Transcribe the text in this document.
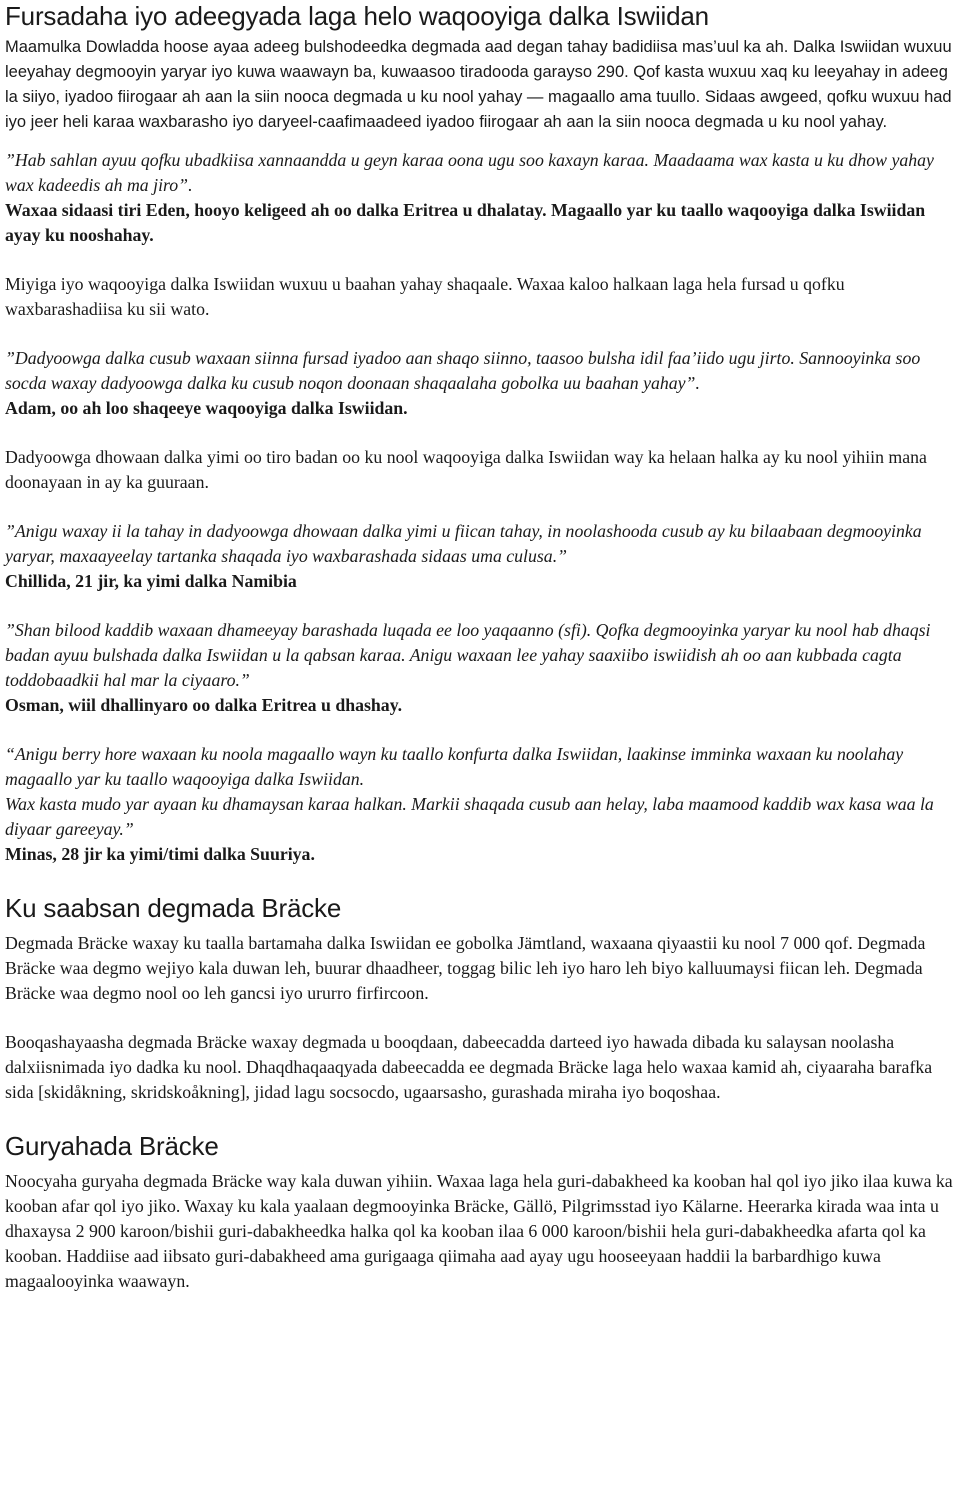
Fursadaha iyo adeegyada laga helo waqooyiga dalka Iswiidan

Maamulka Dowladda hoose ayaa adeeg bulshodeedka degmada aad degan tahay badidiisa mas’uul ka ah. Dalka Iswiidan wuxuu leeyahay degmooyin yaryar iyo kuwa waawayn ba, kuwaasoo tiradooda garayso 290. Qof kasta wuxuu xaq ku leeyahay in adeeg la siiyo, iyadoo fiirogaar ah aan la siin nooca degmada u ku nool yahay — magaallo ama tuullo. Sidaas awgeed, qofku wuxuu had iyo jeer heli karaa waxbarasho iyo daryeel-caafimaadeed iyadoo fiirogaar ah aan la siin nooca degmada u ku nool yahay.

”Hab sahlan ayuu qofku ubadkiisa xannaandda u geyn karaa oona ugu soo kaxayn karaa. Maadaama wax kasta u ku dhow yahay wax kadeedis ah ma jiro”.

Waxaa sidaasi tiri Eden, hooyo keligeed ah oo dalka Eritrea u dhalatay. Magaallo yar ku taallo waqooyiga dalka Iswiidan ayay ku nooshahay.

Miyiga iyo waqooyiga dalka Iswiidan wuxuu u baahan yahay shaqaale. Waxaa kaloo halkaan laga hela fursad u qofku waxbarashadiisa ku sii wato.

”Dadyoowga dalka cusub waxaan siinna fursad iyadoo aan shaqo siinno, taasoo bulsha idil faa’iido ugu jirto. Sannooyinka soo socda waxay dadyoowga dalka ku cusub noqon doonaan shaqaalaha gobolka uu baahan yahay”.

Adam, oo ah loo shaqeeye waqooyiga dalka Iswiidan.

Dadyoowga dhowaan dalka yimi oo tiro badan oo ku nool waqooyiga dalka Iswiidan way ka helaan halka ay ku nool yihiin mana doonayaan in ay ka guuraan.

”Anigu waxay ii la tahay in dadyoowga dhowaan dalka yimi u fiican tahay, in noolashooda cusub ay ku bilaabaan degmooyinka yaryar, maxaayeelay tartanka shaqada iyo waxbarashada sidaas uma culusa.”

Chillida, 21 jir, ka yimi dalka Namibia

”Shan bilood kaddib waxaan dhameeyay barashada luqada ee loo yaqaanno (sfi). Qofka degmooyinka yaryar ku nool hab dhaqsi badan ayuu bulshada dalka Iswiidan u la qabsan karaa. Anigu waxaan lee yahay saaxiibo iswiidish ah oo aan kubbada cagta toddobaadkii hal mar la ciyaaro.”

Osman, wiil dhallinyaro oo dalka Eritrea u dhashay.

“Anigu berry hore waxaan ku noola magaallo wayn ku taallo konfurta dalka Iswiidan, laakinse imminka waxaan ku noolahay magaallo yar ku taallo waqooyiga dalka Iswiidan.

Wax kasta mudo yar ayaan ku dhamaysan karaa halkan. Markii shaqada cusub aan helay, laba maamood kaddib wax kasa waa la diyaar gareeyay.”

Minas, 28 jir ka yimi/timi dalka Suuriya.

Ku saabsan degmada Bräcke

Degmada Bräcke waxay ku taalla bartamaha dalka Iswiidan ee gobolka Jämtland, waxaana qiyaastii ku nool 7 000 qof. Degmada Bräcke waa degmo wejiyo kala duwan leh, buurar dhaadheer, toggag bilic leh iyo haro leh biyo kalluumaysi fiican leh. Degmada Bräcke waa degmo nool oo leh gancsi iyo ururro firfircoon.

Booqashayaasha degmada Bräcke waxay degmada u booqdaan, dabeecadda darteed iyo hawada dibada ku salaysan noolasha dalxiisnimada iyo dadka ku nool. Dhaqdhaqaaqyada dabeecadda ee degmada Bräcke laga helo waxaa kamid ah, ciyaaraha barafka sida [skidåkning, skridskoåkning], jidad lagu socsocdo, ugaarsasho, gurashada miraha iyo boqoshaa.

Guryahada Bräcke

Noocyaha guryaha degmada Bräcke way kala duwan yihiin. Waxaa laga hela guri-dabakheed ka kooban hal qol iyo jiko ilaa kuwa ka kooban afar qol iyo jiko. Waxay ku kala yaalaan degmooyinka Bräcke, Gällö, Pilgrimsstad iyo Kälarne. Heerarka kirada waa inta u dhaxaysa 2 900 karoon/bishii guri-dabakheedka halka qol ka kooban ilaa 6 000 karoon/bishii hela guri-dabakheedka afarta qol ka kooban. Haddiise aad iibsato guri-dabakheed ama gurigaaga qiimaha aad ayay ugu hooseeyaan haddii la barbardhigo kuwa magaalooyinka waawayn.
